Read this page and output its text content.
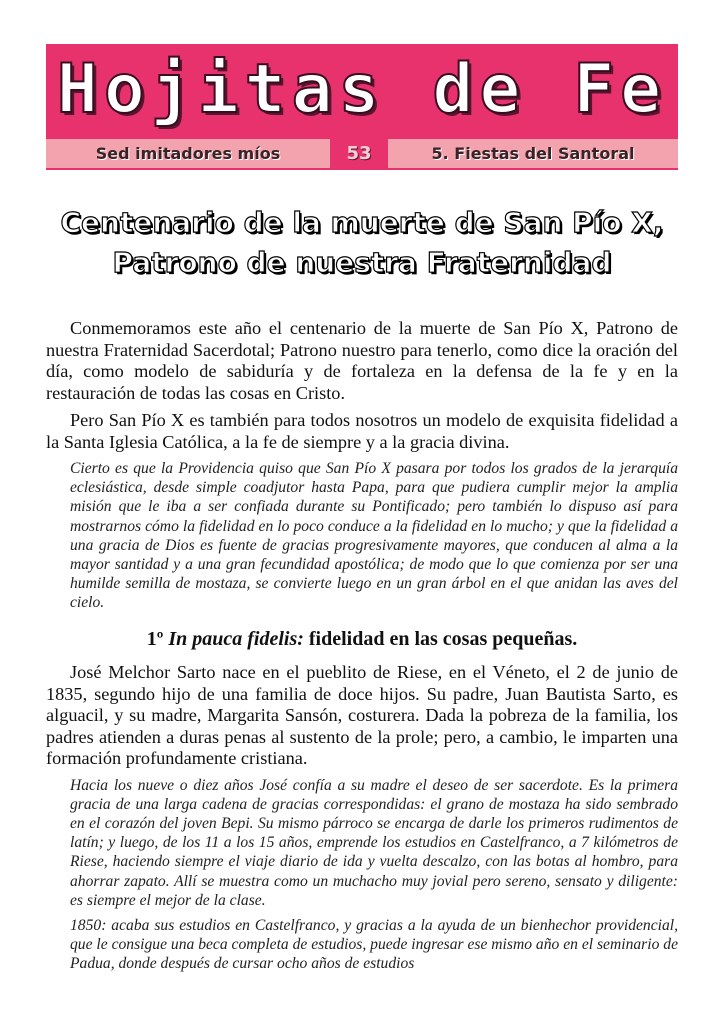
Hojitas de Fe
Sed imitadores míos	53	5. Fiestas del Santoral
Centenario de la muerte de San Pío X,
Patrono de nuestra Fraternidad

Conmemoramos este año el centenario de la muerte de San Pío X, Patrono de nuestra Fraternidad Sacerdotal; Patrono nuestro para tenerlo, como dice la oración del día, como modelo de sabiduría y de fortaleza en la defensa de la fe y en la restauración de todas las cosas en Cristo.

Pero San Pío X es también para todos nosotros un modelo de exquisita fidelidad a la Santa Iglesia Católica, a la fe de siempre y a la gracia divina.

Cierto es que la Providencia quiso que San Pío X pasara por todos los grados de la jerarquía eclesiástica, desde simple coadjutor hasta Papa, para que pudiera cumplir mejor la amplia misión que le iba a ser confiada durante su Pontificado; pero también lo dispuso así para mostrarnos cómo la fidelidad en lo poco conduce a la fidelidad en lo mucho; y que la fidelidad a una gracia de Dios es fuente de gracias progresivamente mayores, que conducen al alma a la mayor santidad y a una gran fecundidad apostólica; de modo que lo que comienza por ser una humilde semilla de mostaza, se convierte luego en un gran árbol en el que anidan las aves del cielo.

1º In pauca fidelis: fidelidad en las cosas pequeñas.

José Melchor Sarto nace en el pueblito de Riese, en el Véneto, el 2 de junio de 1835, segundo hijo de una familia de doce hijos. Su padre, Juan Bautista Sarto, es alguacil, y su madre, Margarita Sansón, costurera. Dada la pobreza de la familia, los padres atienden a duras penas al sustento de la prole; pero, a cambio, le imparten una formación profundamente cristiana.

Hacia los nueve o diez años José confía a su madre el deseo de ser sacerdote. Es la primera gracia de una larga cadena de gracias correspondidas: el grano de mostaza ha sido sembrado en el corazón del joven Bepi. Su mismo párroco se encarga de darle los primeros rudimentos de latín; y luego, de los 11 a los 15 años, emprende los estudios en Castelfranco, a 7 kilómetros de Riese, haciendo siempre el viaje diario de ida y vuelta descalzo, con las botas al hombro, para ahorrar zapato. Allí se muestra como un muchacho muy jovial pero sereno, sensato y diligente: es siempre el mejor de la clase.

1850: acaba sus estudios en Castelfranco, y gracias a la ayuda de un bienhechor providencial, que le consigue una beca completa de estudios, puede ingresar ese mismo año en el seminario de Padua, donde después de cursar ocho años de estudios
